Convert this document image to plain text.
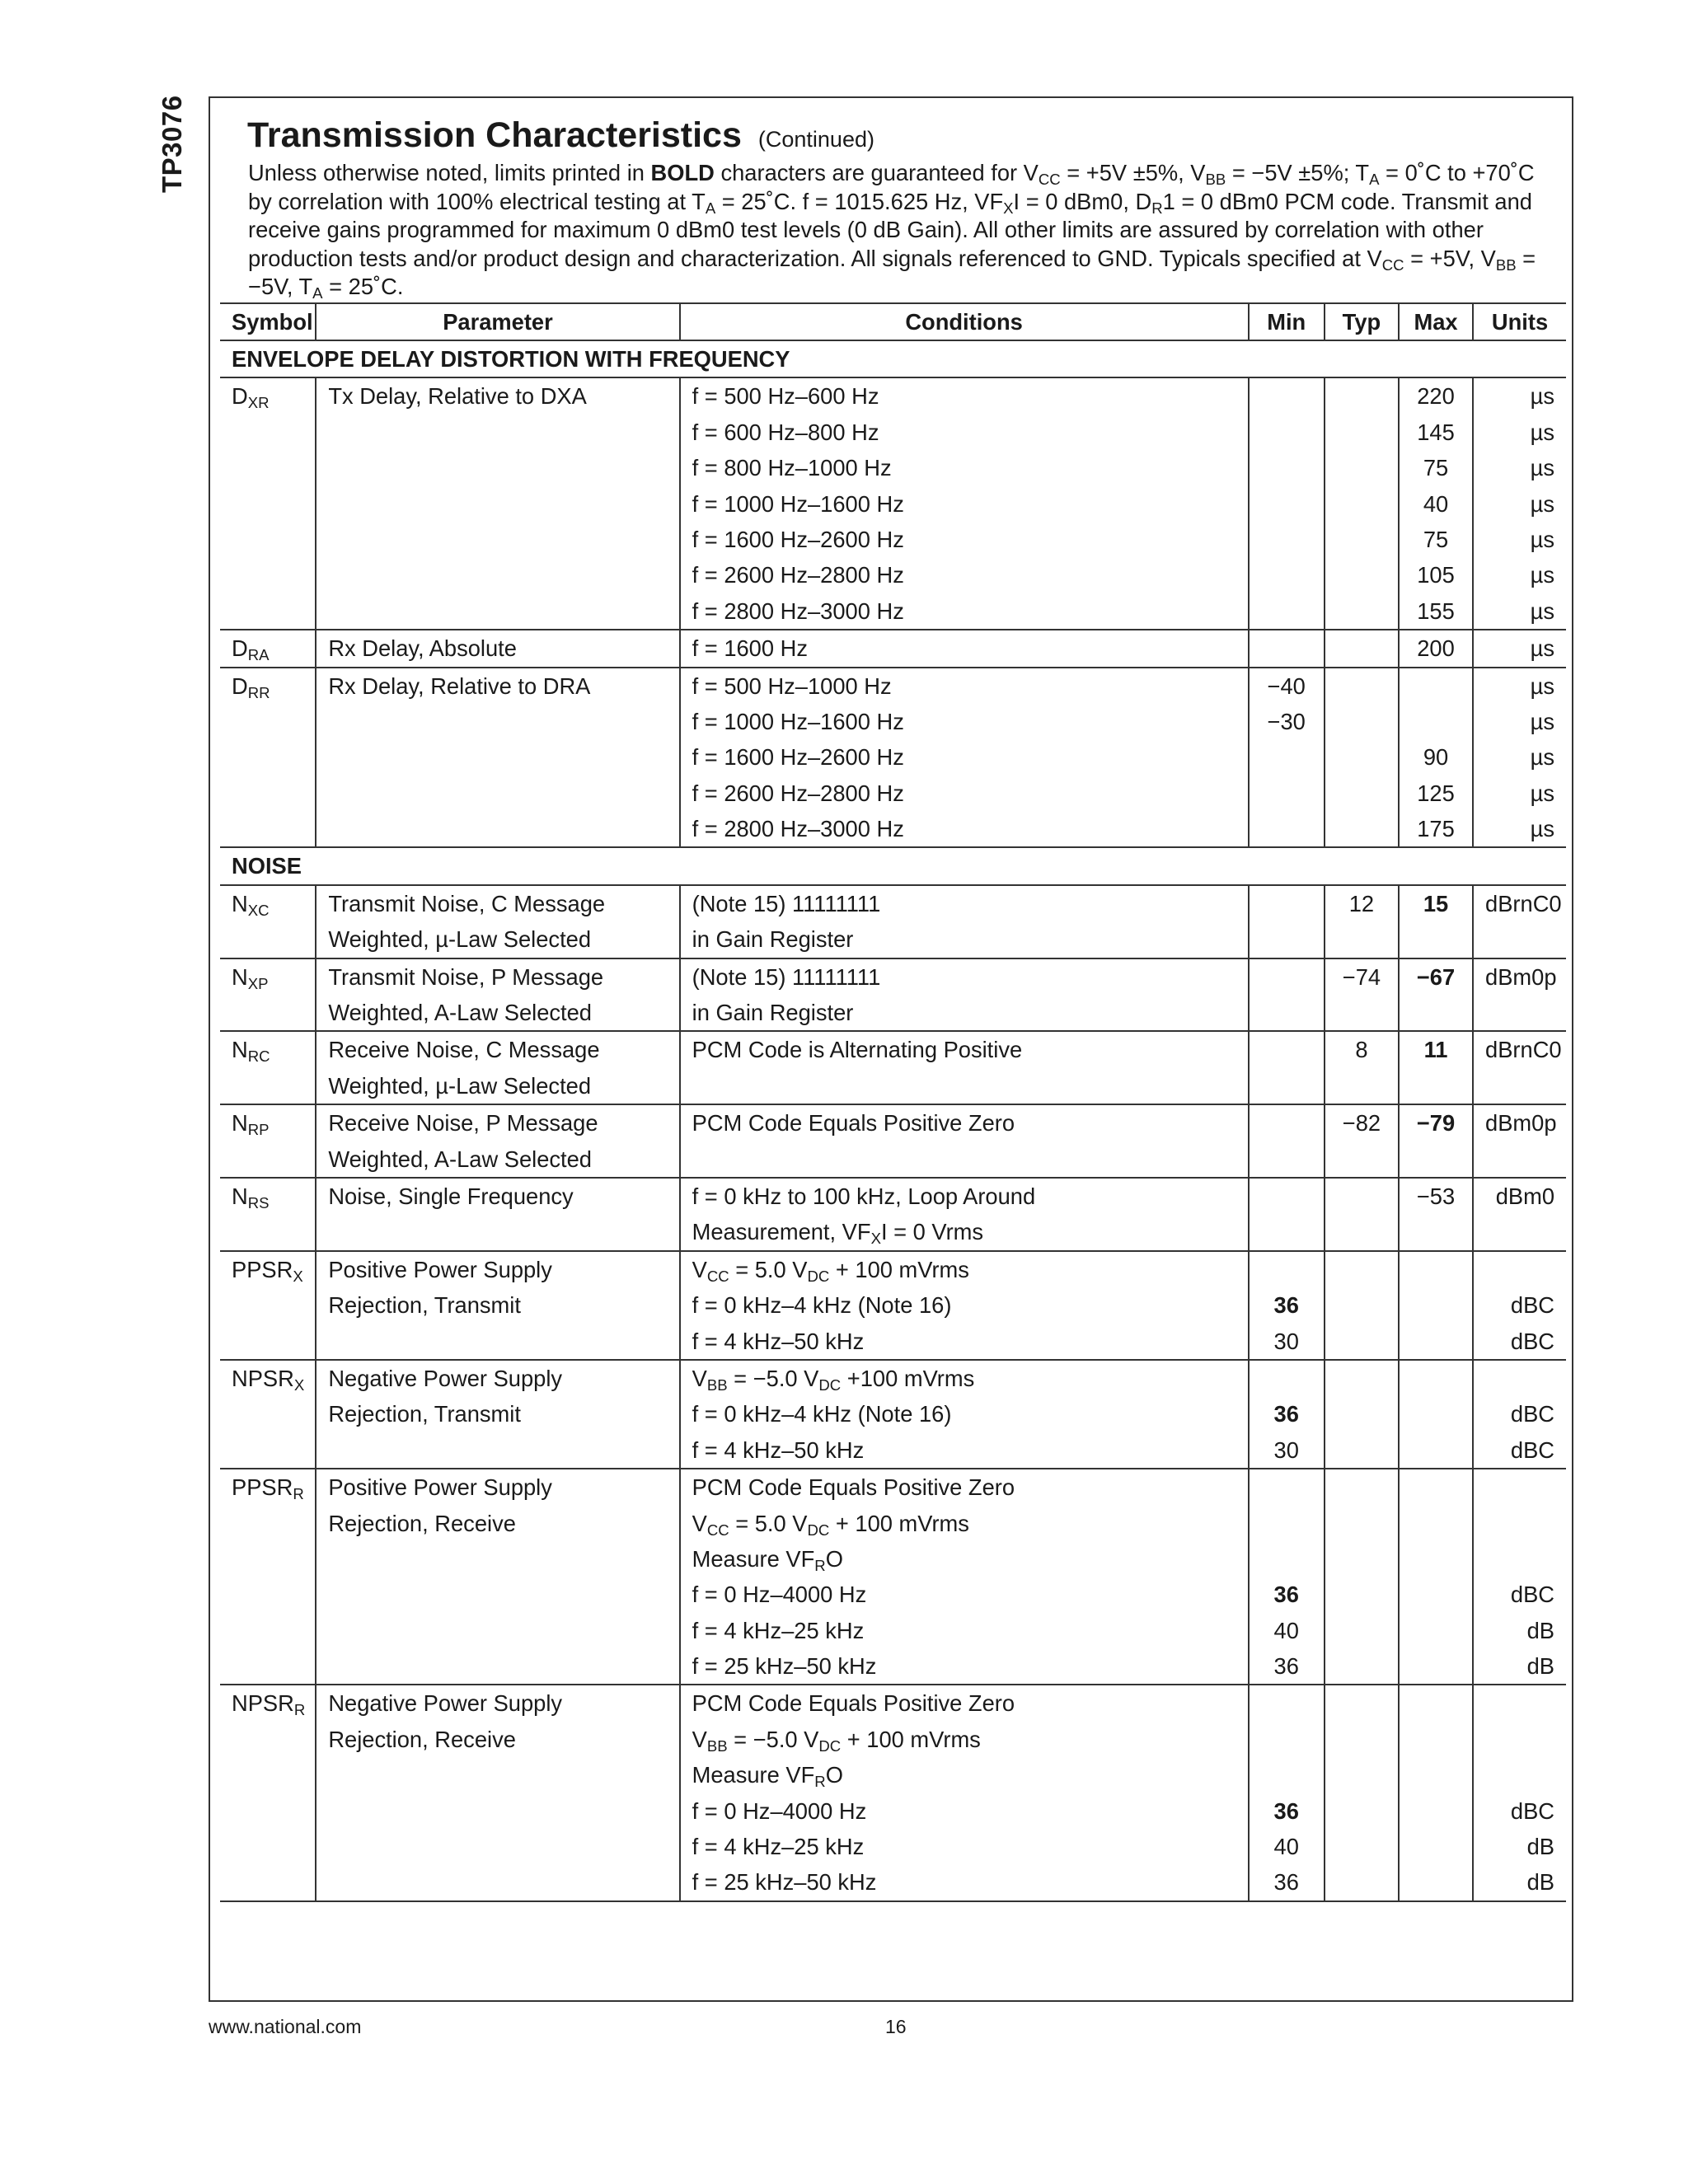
TP3076 Transmission Characteristics (Continued)
Unless otherwise noted, limits printed in BOLD characters are guaranteed for $V_{CC} = +5V \pm 5\%$, $V_{BB} = -5V \pm 5\%$; $T_A$ = 0˚C to +70˚C by correlation with 100% electrical testing at $T_A$ = 25˚C. f = 1015.625 Hz, $VF_XI = 0$ dBm0, $D_R1 = 0$ dBm0 PCM code. Transmit and receive gains programmed for maximum 0 dBm0 test levels (0 dB Gain). All other limits are assured by correlation with other production tests and/or product design and characterization. All signals referenced to GND. Typicals specified at $V_{CC} = +5V$, $V_{BB} = -5V$, $T_A$ = 25˚C.
Symbol	Parameter	Conditions	Min	Typ	Max	Units
ENVELOPE DELAY DISTORTION WITH FREQUENCY						
$D_{XR}$	Tx Delay, Relative to DXA	f = 500 Hz–600 Hz			220	µs
		f = 600 Hz–800 Hz			145	µs
		f = 800 Hz–1000 Hz			75	µs
		f = 1000 Hz–1600 Hz			40	µs
		f = 1600 Hz–2600 Hz			75	µs
		f = 2600 Hz–2800 Hz			105	µs
		f = 2800 Hz–3000 Hz			155	µs
$D_{RA}$	Rx Delay, Absolute	f = 1600 Hz			200	µs
$D_{RR}$	Rx Delay, Relative to DRA	f = 500 Hz–1000 Hz	−40			µs
		f = 1000 Hz–1600 Hz	−30			µs
		f = 1600 Hz–2600 Hz			90	µs
		f = 2600 Hz–2800 Hz			125	µs
		f = 2800 Hz–3000 Hz			175	µs
NOISE						
$N_{XC}$	Transmit Noise, C Message	(Note 15) 11111111		12	15	dBrnC0
	Weighted, µ-Law Selected	in Gain Register				
$N_{XP}$	Transmit Noise, P Message	(Note 15) 11111111		−74	−67	dBm0p
	Weighted, A-Law Selected	in Gain Register				
$N_{RC}$	Receive Noise, C Message	PCM Code is Alternating Positive		8	11	dBrnC0
	Weighted, µ-Law Selected					
$N_{RP}$	Receive Noise, P Message	PCM Code Equals Positive Zero		−82	−79	dBm0p
	Weighted, A-Law Selected					
$N_{RS}$	Noise, Single Frequency	f = 0 kHz to 100 kHz, Loop Around			−53	dBm0
		Measurement, $VF_XI = 0$ Vrms				
$PPSR_X$	Positive Power Supply	$V_{CC} = 5.0$ $V_{DC} + 100$ mVrms				
	Rejection, Transmit	f = 0 kHz–4 kHz (Note 16)	36			dBC
		f = 4 kHz–50 kHz	30			dBC
$NPSR_X$	Negative Power Supply	$V_{BB} = -5.0$ $V_{DC} +100$ mVrms				
	Rejection, Transmit	f = 0 kHz–4 kHz (Note 16)	36			dBC
		f = 4 kHz–50 kHz	30			dBC
$PPSR_R$	Positive Power Supply	PCM Code Equals Positive Zero				
	Rejection, Receive	$V_{CC} = 5.0$ $V_{DC} + 100$ mVrms				
		Measure $VF_RO$				
		f = 0 Hz–4000 Hz	36			dBC
		f = 4 kHz–25 kHz	40			dB
		f = 25 kHz–50 kHz	36			dB
$NPSR_R$	Negative Power Supply	PCM Code Equals Positive Zero				
	Rejection, Receive	$V_{BB} = -5.0$ $V_{DC} + 100$ mVrms				
		Measure $VF_RO$				
		f = 0 Hz–4000 Hz	36			dBC
		f = 4 kHz–25 kHz	40			dB
		f = 25 kHz–50 kHz	36			dB
www.national.com	16
